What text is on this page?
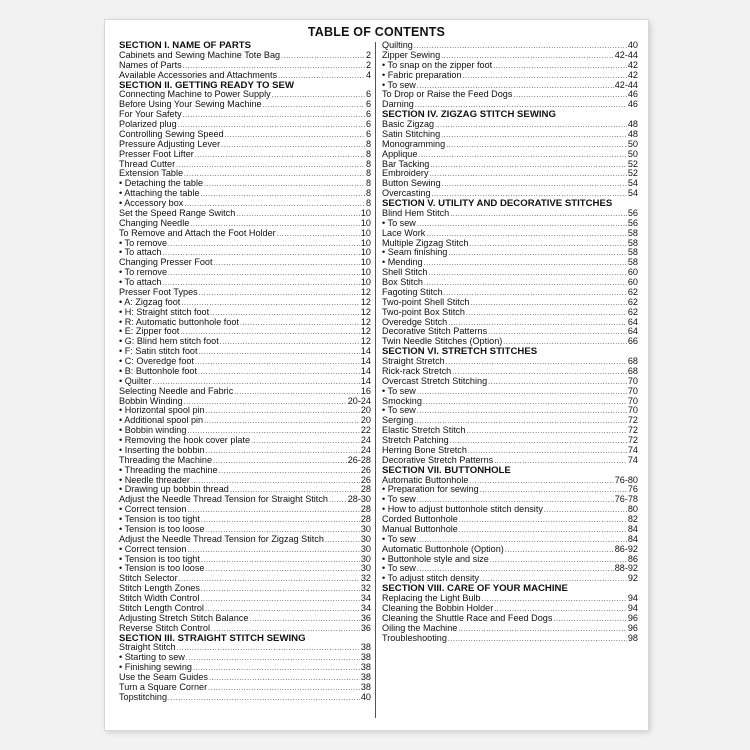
TABLE OF CONTENTS
SECTION I. NAME OF PARTS
Cabinets and Sewing Machine Tote Bag .....	2
Names of Parts .....	2
Available Accessories and Attachments .....	4
SECTION II. GETTING READY TO SEW
Connecting Machine to Power Supply .....	6
Before Using Your Sewing Machine .....	6
For Your Safety .....	6
Polarized plug .....	6
Controlling Sewing Speed .....	6
Pressure Adjusting Lever .....	8
Presser Foot Lifter .....	8
Thread Cutter .....	8
Extension Table .....	8
• Detaching the table .....	8
• Attaching the table .....	8
• Accessory box .....	8
Set the Speed Range Switch .....	10
Changing Needle .....	10
To Remove and Attach the Foot Holder .....	10
• To remove .....	10
• To attach .....	10
Changing Presser Foot .....	10
• To remove .....	10
• To attach .....	10
Presser Foot Types .....	12
• A: Zigzag foot .....	12
• H: Straight stitch foot .....	12
• R: Automatic buttonhole foot .....	12
• E: Zipper foot .....	12
• G: Blind hem stitch foot .....	12
• F: Satin stitch foot .....	14
• C: Overedge foot .....	14
• B: Buttonhole foot .....	14
• Quilter .....	14
Selecting Needle and Fabric .....	16
Bobbin Winding .....	20-24
• Horizontal spool pin .....	20
• Additional spool pin .....	20
• Bobbin winding .....	22
• Removing the hook cover plate .....	24
• Inserting the bobbin .....	24
Threading the Machine .....	26-28
• Threading the machine .....	26
• Needle threader .....	26
• Drawing up bobbin thread .....	28
Adjust the Needle Thread Tension for Straight Stitch ..... 28-30
• Correct tension .....	28
• Tension is too tight .....	28
• Tension is too loose .....	30
Adjust the Needle Thread Tension for Zigzag Stitch .....	30
• Correct tension .....	30
• Tension is too tight .....	30
• Tension is too loose .....	30
Stitch Selector .....	32
Stitch Length Zones .....	32
Stitch Width Control .....	34
Stitch Length Control .....	34
Adjusting Stretch Stitch Balance .....	36
Reverse Stitch Control .....	36
SECTION III. STRAIGHT STITCH SEWING
Straight Stitch .....	38
• Starting to sew .....	38
• Finishing sewing .....	38
Use the Seam Guides .....	38
Turn a Square Corner .....	38
Topstitching .....	40
Quilting .....	40
Zipper Sewing .....	42-44
• To snap on the zipper foot .....	42
• Fabric preparation .....	42
• To sew .....	42-44
To Drop or Raise the Feed Dogs .....	46
Darning .....	46
SECTION IV. ZIGZAG STITCH SEWING
Basic Zigzag .....	48
Satin Stitching .....	48
Monogramming .....	50
Applique .....	50
Bar Tacking .....	52
Embroidery .....	52
Button Sewing .....	54
Overcasting .....	54
SECTION V. UTILITY AND DECORATIVE STITCHES
Blind Hem Stitch .....	56
• To sew .....	56
Lace Work .....	58
Multiple Zigzag Stitch .....	58
• Seam finishing .....	58
• Mending .....	58
Shell Stitch .....	60
Box Stitch .....	60
Fagoting Stitch .....	62
Two-point Shell Stitch .....	62
Two-point Box Stitch .....	62
Overedge Stitch .....	64
Decorative Stitch Patterns .....	64
Twin Needle Stitches (Option) .....	66
SECTION VI. STRETCH STITCHES
Straight Stretch .....	68
Rick-rack Stretch .....	68
Overcast Stretch Stitching .....	70
• To sew .....	70
Smocking .....	70
• To sew .....	70
Serging .....	72
Elastic Stretch Stitch .....	72
Stretch Patching .....	72
Herring Bone Stretch .....	74
Decorative Stretch Patterns .....	74
SECTION VII. BUTTONHOLE
Automatic Buttonhole .....	76-80
• Preparation for sewing .....	76
• To sew .....	76-78
• How to adjust buttonhole stitch density .....	80
Corded Buttonhole .....	82
Manual Buttonhole .....	84
• To sew .....	84
Automatic Buttonhole (Option) .....	86-92
• Buttonhole style and size .....	86
• To sew .....	88-92
• To adjust stitch density .....	92
SECTION VIII. CARE OF YOUR MACHINE
Replacing the Light Bulb .....	94
Cleaning the Bobbin Holder .....	94
Cleaning the Shuttle Race and Feed Dogs .....	96
Oiling the Machine .....	96
Troubleshooting .....	98
